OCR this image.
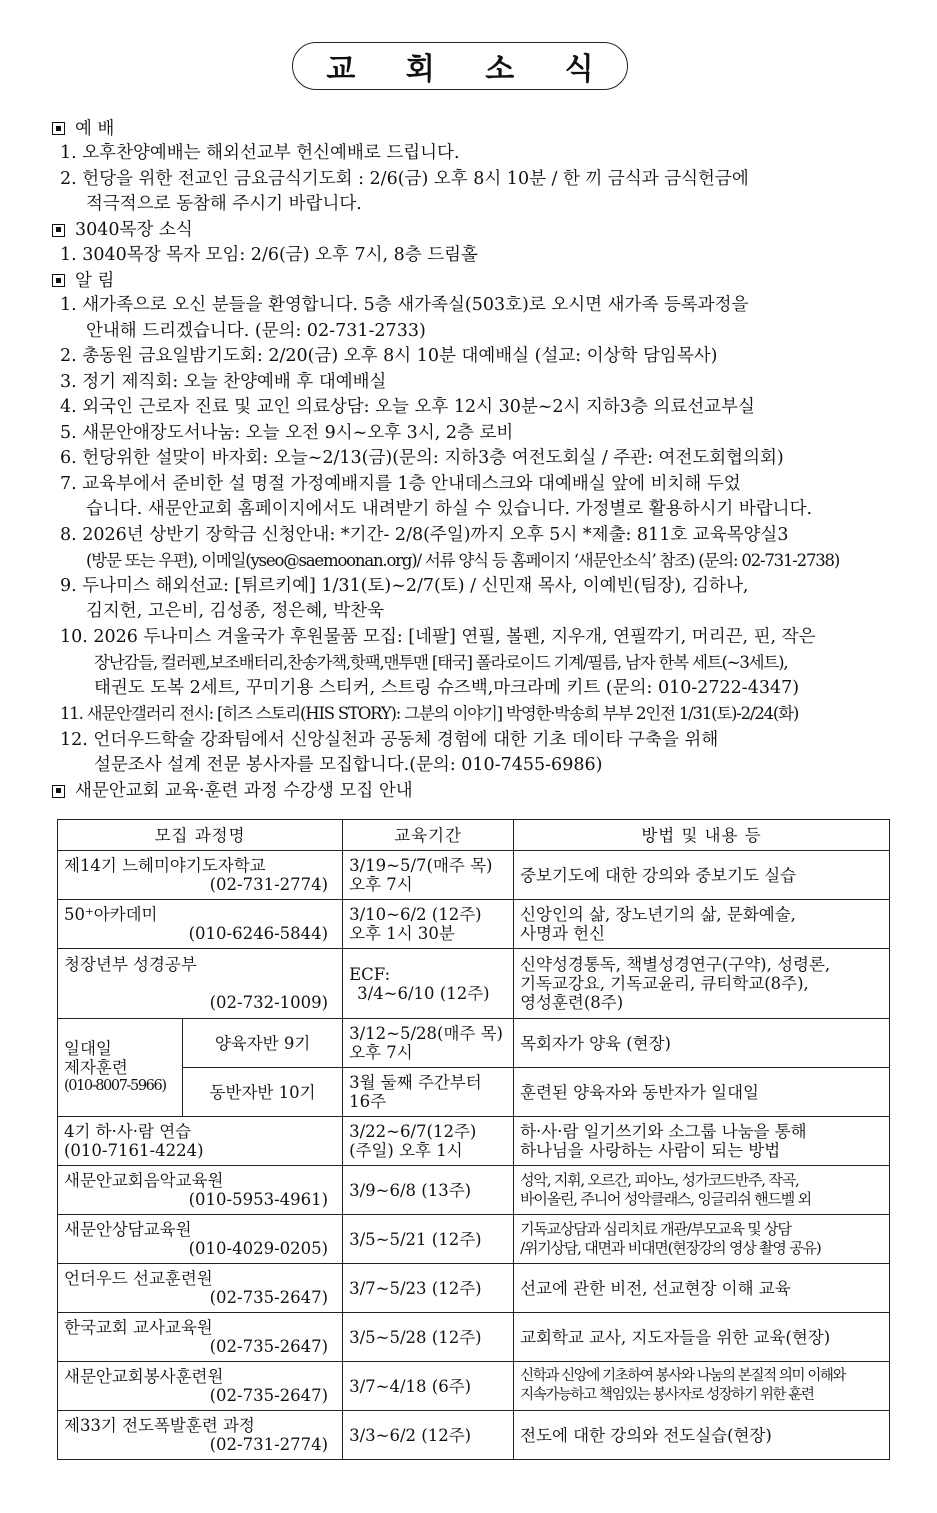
교 회 소 식
예 배
1. 오후찬양예배는 해외선교부 헌신예배로 드립니다.
2. 헌당을 위한 전교인 금요금식기도회 : 2/6(금) 오후 8시 10분 / 한 끼 금식과 금식헌금에
적극적으로 동참해 주시기 바랍니다.
3040목장 소식
1. 3040목장 목자 모임: 2/6(금) 오후 7시, 8층 드림홀
알 림
1. 새가족으로 오신 분들을 환영합니다. 5층 새가족실(503호)로 오시면 새가족 등록과정을
안내해 드리겠습니다. (문의: 02-731-2733)
2. 총동원 금요일밤기도회: 2/20(금) 오후 8시 10분 대예배실 (설교: 이상학 담임목사)
3. 정기 제직회: 오늘 찬양예배 후 대예배실
4. 외국인 근로자 진료 및 교인 의료상담: 오늘 오후 12시 30분~2시 지하3층 의료선교부실
5. 새문안애장도서나눔: 오늘 오전 9시~오후 3시, 2층 로비
6. 헌당위한 설맞이 바자회: 오늘~2/13(금)(문의: 지하3층 여전도회실 / 주관: 여전도회협의회)
7. 교육부에서 준비한 설 명절 가정예배지를 1층 안내데스크와 대예배실 앞에 비치해 두었
습니다. 새문안교회 홈페이지에서도 내려받기 하실 수 있습니다. 가정별로 활용하시기 바랍니다.
8. 2026년 상반기 장학금 신청안내: *기간- 2/8(주일)까지 오후 5시 *제출: 811호 교육목양실3
(방문 또는 우편), 이메일(yseo@saemoonan.org)/ 서류 양식 등 홈페이지 ‘새문안소식’ 참조) (문의: 02-731-2738)
9. 두나미스 해외선교: [튀르키예] 1/31(토)~2/7(토) / 신민재 목사, 이예빈(팀장), 김하나,
김지헌, 고은비, 김성종, 정은혜, 박찬욱
10. 2026 두나미스 겨울국가 후원물품 모집: [네팔] 연필, 볼펜, 지우개, 연필깍기, 머리끈, 핀, 작은
장난감들, 컬러펜,보조배터리,찬송가책,핫팩,맨투맨 [태국] 폴라로이드 기계/필름, 남자 한복 세트(~3세트),
태권도 도복 2세트, 꾸미기용 스티커, 스트링 슈즈백,마크라메 키트 (문의: 010-2722-4347)
11. 새문안갤러리 전시: [히즈 스토리(HIS STORY): 그분의 이야기] 박영한·박송희 부부 2인전 1/31(토)-2/24(화)
12. 언더우드학술 강좌팀에서 신앙실천과 공동체 경험에 대한 기초 데이타 구축을 위해
설문조사 설계 전문 봉사자를 모집합니다.(문의: 010-7455-6986)
새문안교회 교육·훈련 과정 수강생 모집 안내
모집 과정명		교육기간	방법 및 내용 등

제14기 느헤미야기도자학교
(02-731-2774)		3/19~5/7(매주 목)
오후 7시	중보기도에 대한 강의와 중보기도 실습

50⁺아카데미
(010-6246-5844)		3/10~6/2 (12주)
오후 1시 30분	신앙인의 삶, 장노년기의 삶, 문화예술,
사명과 헌신

청장년부 성경공부

(02-732-1009)		ECF:
3/4~6/10 (12주)	신약성경통독, 책별성경연구(구약), 성령론,
기독교강요, 기독교윤리, 큐티학교(8주),
영성훈련(8주)

일대일
제자훈련
(010-8007-5966)	양육자반 9기	3/12~5/28(매주 목)
오후 7시	목회자가 양육 (현장)

	동반자반 10기	3월 둘째 주간부터
16주	훈련된 양육자와 동반자가 일대일

4기 하·사·람 연습
(010-7161-4224)		3/22~6/7(12주)
(주일) 오후 1시	하·사·람 일기쓰기와 소그룹 나눔을 통해
하나님을 사랑하는 사람이 되는 방법

새문안교회음악교육원
(010-5953-4961)		3/9~6/8 (13주)	성악, 지휘, 오르간, 피아노, 성가코드반주, 작곡,
바이올린, 주니어 성악클래스, 잉글리쉬 핸드벨 외

새문안상담교육원
(010-4029-0205)		3/5~5/21 (12주)	기독교상담과 심리치료 개관/부모교육 및 상담
/위기상담, 대면과 비대면(현장강의 영상 촬영 공유)

언더우드 선교훈련원
(02-735-2647)		3/7~5/23 (12주)	선교에 관한 비전, 선교현장 이해 교육

한국교회 교사교육원
(02-735-2647)		3/5~5/28 (12주)	교회학교 교사, 지도자들을 위한 교육(현장)

새문안교회봉사훈련원
(02-735-2647)		3/7~4/18 (6주)	신학과 신앙에 기초하여 봉사와 나눔의 본질적 의미 이해와
지속가능하고 책임있는 봉사자로 성장하기 위한 훈련

제33기 전도폭발훈련 과정
(02-731-2774)		3/3~6/2 (12주)	전도에 대한 강의와 전도실습(현장)
